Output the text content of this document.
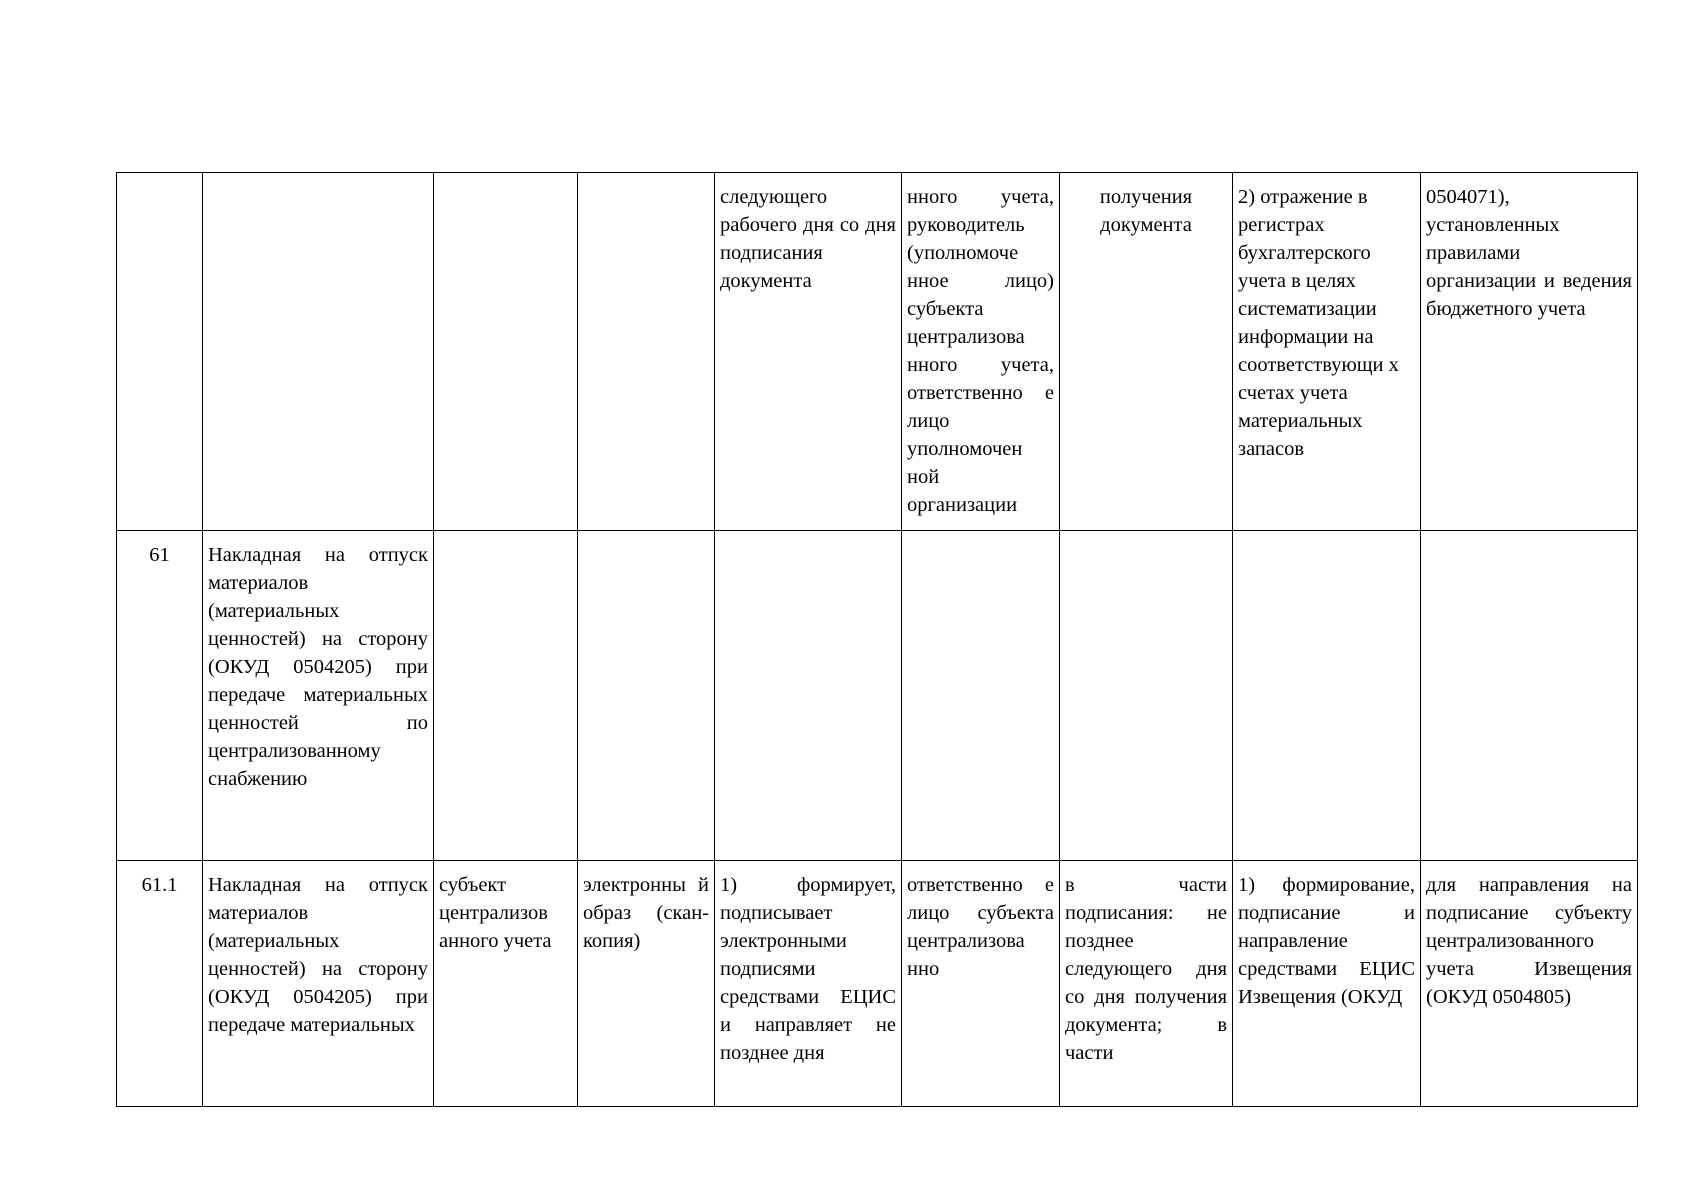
				следующего рабочего дня со дня подписания документа	нного учета, руководитель (уполномоче нное лицо) субъекта централизова нного учета, ответственно е лицо уполномочен ной организации	получения документа	2) отражение в регистрах бухгалтерского учета в целях систематизации информации на соответствующи х счетах учета материальных запасов	0504071), установленных правилами организации и ведения бюджетного учета
61	Накладная на отпуск материалов (материальных ценностей) на сторону (ОКУД 0504205) при передаче материальных ценностей по централизованному снабжению							
61.1	Накладная на отпуск материалов (материальных ценностей) на сторону (ОКУД 0504205) при передаче материальных	субъект централизов анного учета	электронны й образ (скан-копия)	1) формирует, подписывает электронными подписями средствами ЕЦИС и направляет не позднее дня	ответственно е лицо субъекта централизова нно	в части подписания: не позднее следующего дня со дня получения документа; в части	1) формирование, подписание и направление средствами ЕЦИС Извещения (ОКУД	для направления на подписание субъекту централизованного учета Извещения (ОКУД 0504805)
